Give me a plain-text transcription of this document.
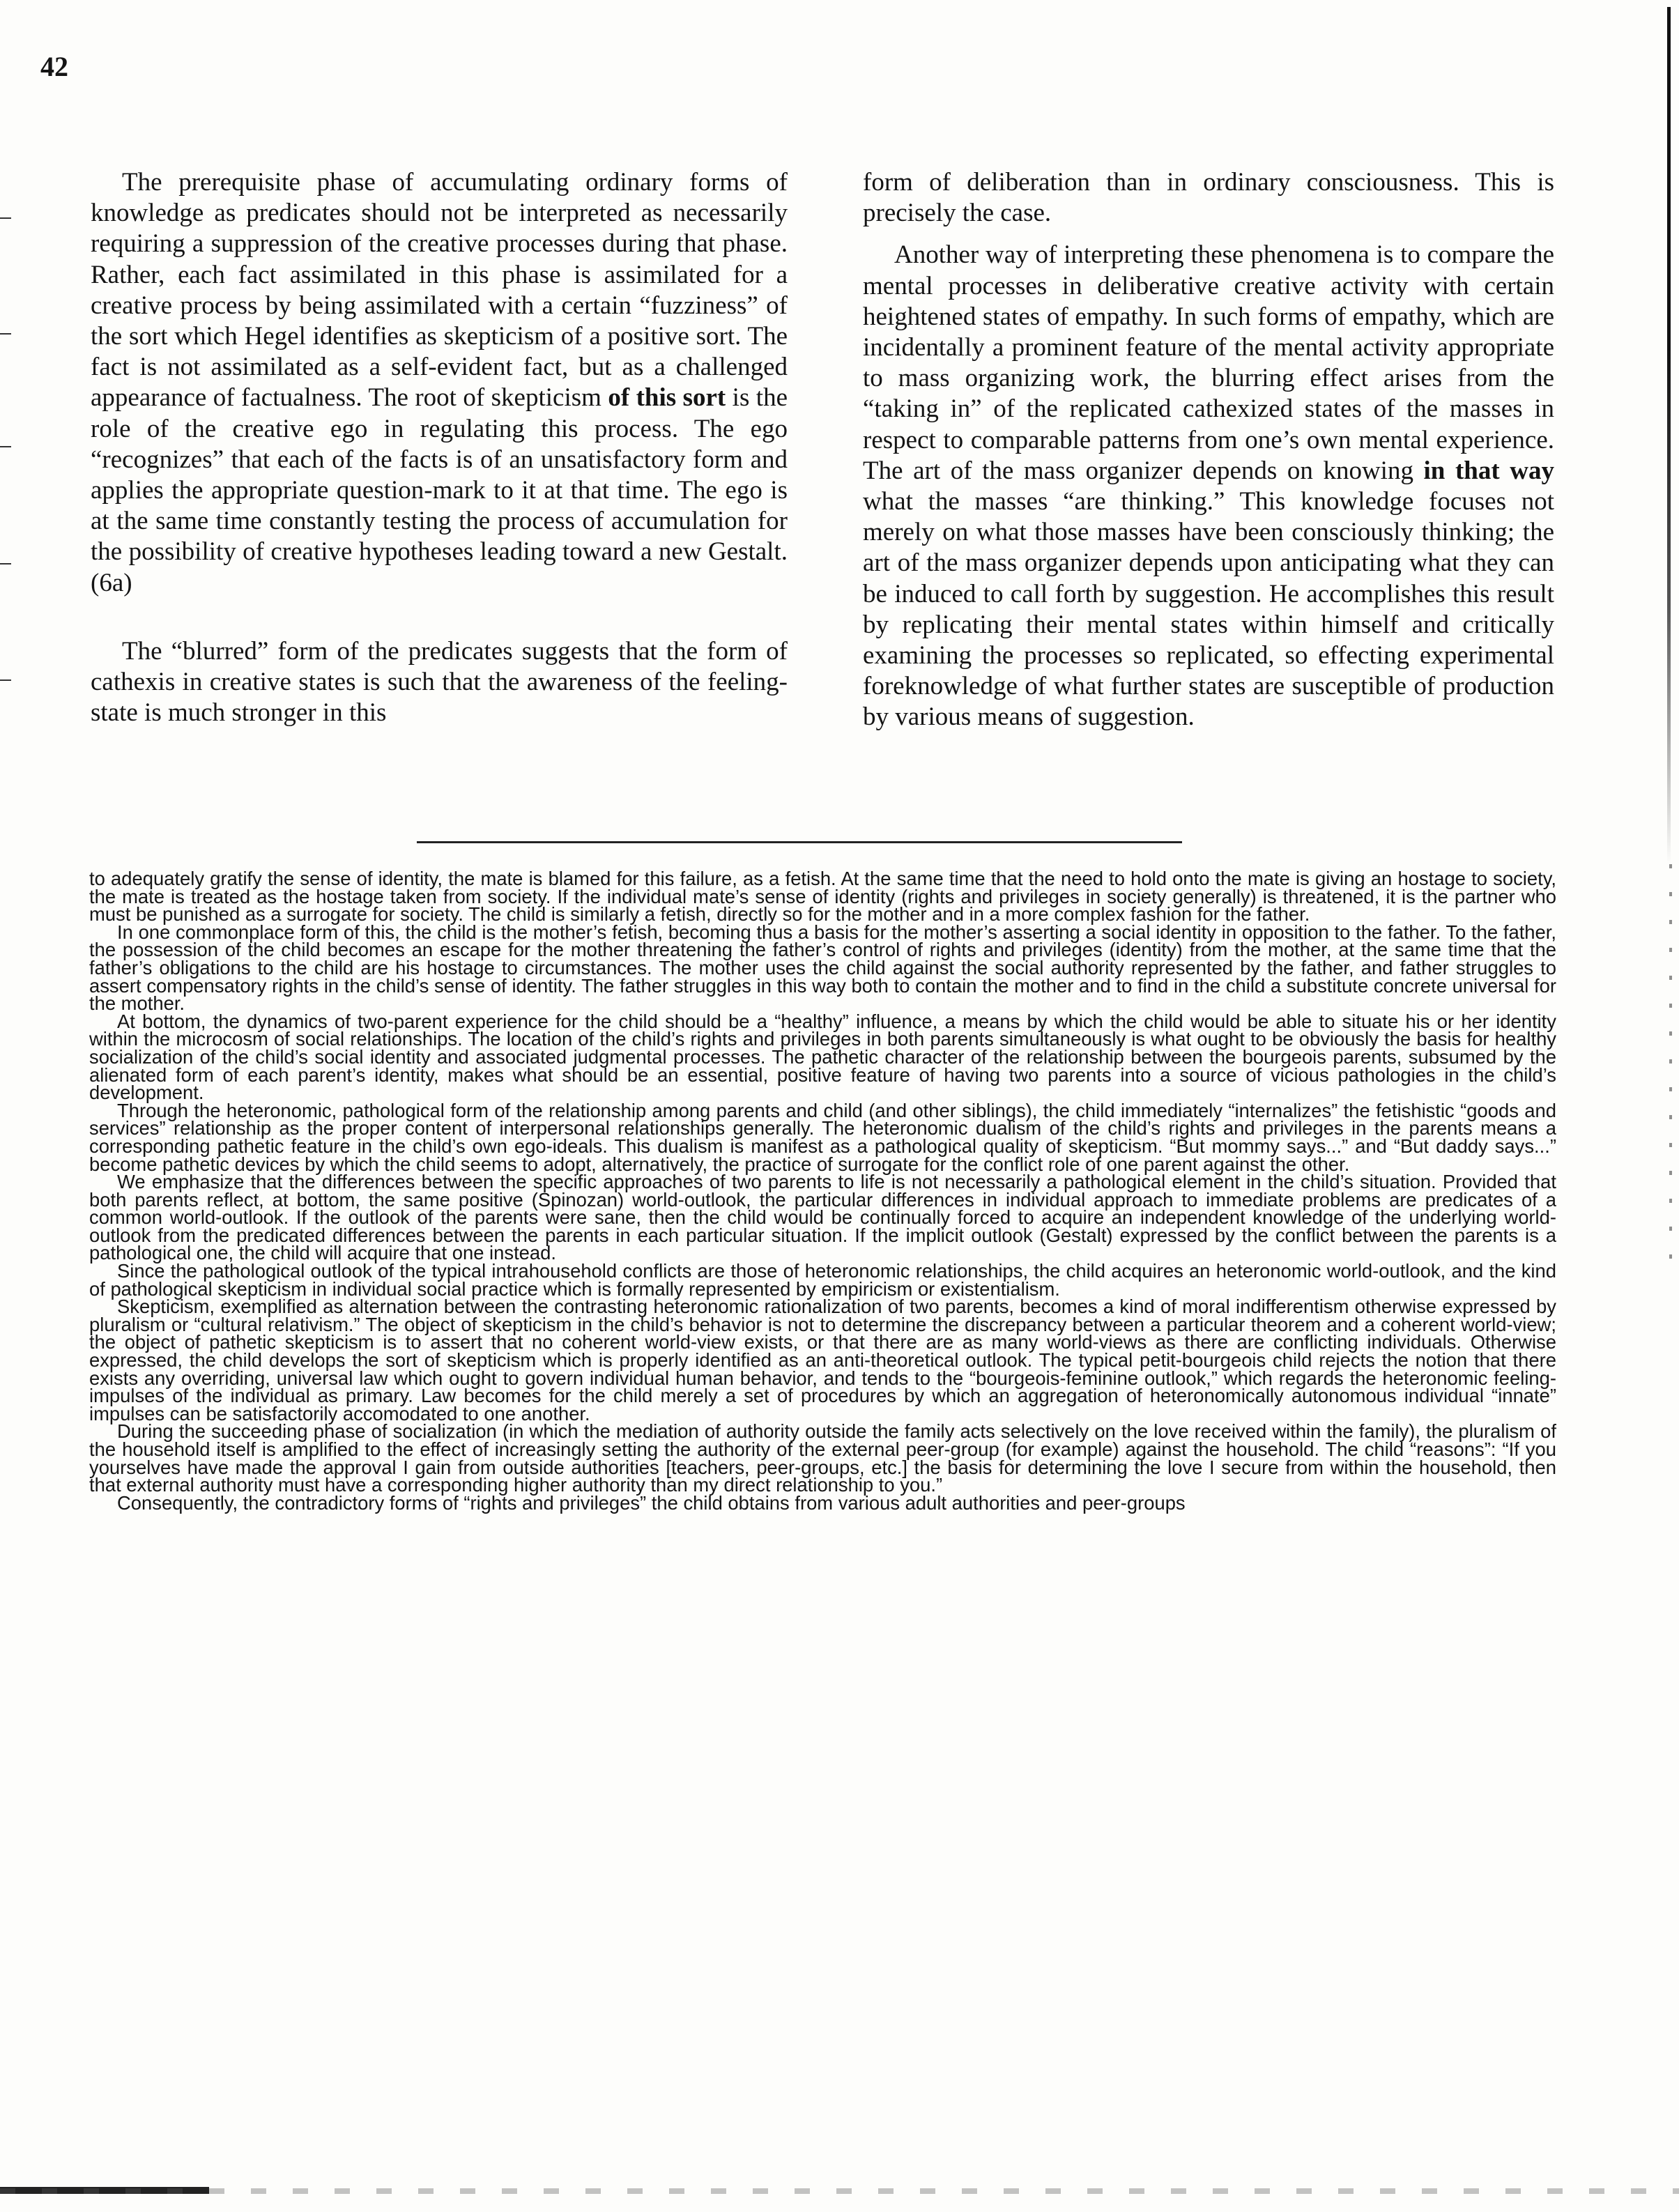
42

The prerequisite phase of accumulating ordinary forms of knowledge as predicates should not be interpreted as necessarily requiring a suppression of the creative processes during that phase. Rather, each fact assimilated in this phase is assimilated for a creative process by being assimilated with a certain “fuzziness” of the sort which Hegel identifies as skepticism of a positive sort. The fact is not assimilated as a self-evident fact, but as a challenged appearance of factualness. The root of skepticism of this sort is the role of the creative ego in regulating this process. The ego “recognizes” that each of the facts is of an unsatisfactory form and applies the appropriate question-mark to it at that time. The ego is at the same time constantly testing the process of accumulation for the possibility of creative hypotheses leading toward a new Gestalt.(6a)

The “blurred” form of the predicates suggests that the form of cathexis in creative states is such that the awareness of the feeling-state is much stronger in this

form of deliberation than in ordinary consciousness. This is precisely the case.

Another way of interpreting these phenomena is to compare the mental processes in deliberative creative activity with certain heightened states of empathy. In such forms of empathy, which are incidentally a prominent feature of the mental activity appropriate to mass organizing work, the blurring effect arises from the “taking in” of the replicated cathexized states of the masses in respect to comparable patterns from one’s own mental experience. The art of the mass organizer depends on knowing in that way what the masses “are thinking.” This knowledge focuses not merely on what those masses have been consciously thinking; the art of the mass organizer depends upon anticipating what they can be induced to call forth by suggestion. He accomplishes this result by replicating their mental states within himself and critically examining the processes so replicated, so effecting experimental foreknowledge of what further states are susceptible of production by various means of suggestion.

to adequately gratify the sense of identity, the mate is blamed for this failure, as a fetish. At the same time that the need to hold onto the mate is giving an hostage to society, the mate is treated as the hostage taken from society. If the individual mate’s sense of identity (rights and privileges in society generally) is threatened, it is the partner who must be punished as a surrogate for society. The child is similarly a fetish, directly so for the mother and in a more complex fashion for the father.

In one commonplace form of this, the child is the mother’s fetish, becoming thus a basis for the mother’s asserting a social identity in opposition to the father. To the father, the possession of the child becomes an escape for the mother threatening the father’s control of rights and privileges (identity) from the mother, at the same time that the father’s obligations to the child are his hostage to circumstances. The mother uses the child against the social authority represented by the father, and father struggles to assert compensatory rights in the child’s sense of identity. The father struggles in this way both to contain the mother and to find in the child a substitute concrete universal for the mother.

At bottom, the dynamics of two-parent experience for the child should be a “healthy” influence, a means by which the child would be able to situate his or her identity within the microcosm of social relationships. The location of the child’s rights and privileges in both parents simultaneously is what ought to be obviously the basis for healthy socialization of the child’s social identity and associated judgmental processes. The pathetic character of the relationship between the bourgeois parents, subsumed by the alienated form of each parent’s identity, makes what should be an essential, positive feature of having two parents into a source of vicious pathologies in the child’s development.

Through the heteronomic, pathological form of the relationship among parents and child (and other siblings), the child immediately “internalizes” the fetishistic “goods and services” relationship as the proper content of interpersonal relationships generally. The heteronomic dualism of the child’s rights and privileges in the parents means a corresponding pathetic feature in the child’s own ego-ideals. This dualism is manifest as a pathological quality of skepticism. “But mommy says...” and “But daddy says...” become pathetic devices by which the child seems to adopt, alternatively, the practice of surrogate for the conflict role of one parent against the other.

We emphasize that the differences between the specific approaches of two parents to life is not necessarily a pathological element in the child’s situation. Provided that both parents reflect, at bottom, the same positive (Spinozan) world-outlook, the particular differences in individual approach to immediate problems are predicates of a common world-outlook. If the outlook of the parents were sane, then the child would be continually forced to acquire an independent knowledge of the underlying world-outlook from the predicated differences between the parents in each particular situation. If the implicit outlook (Gestalt) expressed by the conflict between the parents is a pathological one, the child will acquire that one instead.

Since the pathological outlook of the typical intrahousehold conflicts are those of heteronomic relationships, the child acquires an heteronomic world-outlook, and the kind of pathological skepticism in individual social practice which is formally represented by empiricism or existentialism.

Skepticism, exemplified as alternation between the contrasting heteronomic rationalization of two parents, becomes a kind of moral indifferentism otherwise expressed by pluralism or “cultural relativism.” The object of skepticism in the child’s behavior is not to determine the discrepancy between a particular theorem and a coherent world-view; the object of pathetic skepticism is to assert that no coherent world-view exists, or that there are as many world-views as there are conflicting individuals. Otherwise expressed, the child develops the sort of skepticism which is properly identified as an anti-theoretical outlook. The typical petit-bourgeois child rejects the notion that there exists any overriding, universal law which ought to govern individual human behavior, and tends to the “bourgeois-feminine outlook,” which regards the heteronomic feeling-impulses of the individual as primary. Law becomes for the child merely a set of procedures by which an aggregation of heteronomically autonomous individual “innate” impulses can be satisfactorily accomodated to one another.

During the succeeding phase of socialization (in which the mediation of authority outside the family acts selectively on the love received within the family), the pluralism of the household itself is amplified to the effect of increasingly setting the authority of the external peer-group (for example) against the household. The child “reasons”: “If you yourselves have made the approval I gain from outside authorities [teachers, peer-groups, etc.] the basis for determining the love I secure from within the household, then that external authority must have a corresponding higher authority than my direct relationship to you.”

Consequently, the contradictory forms of “rights and privileges” the child obtains from various adult authorities and peer-groups
